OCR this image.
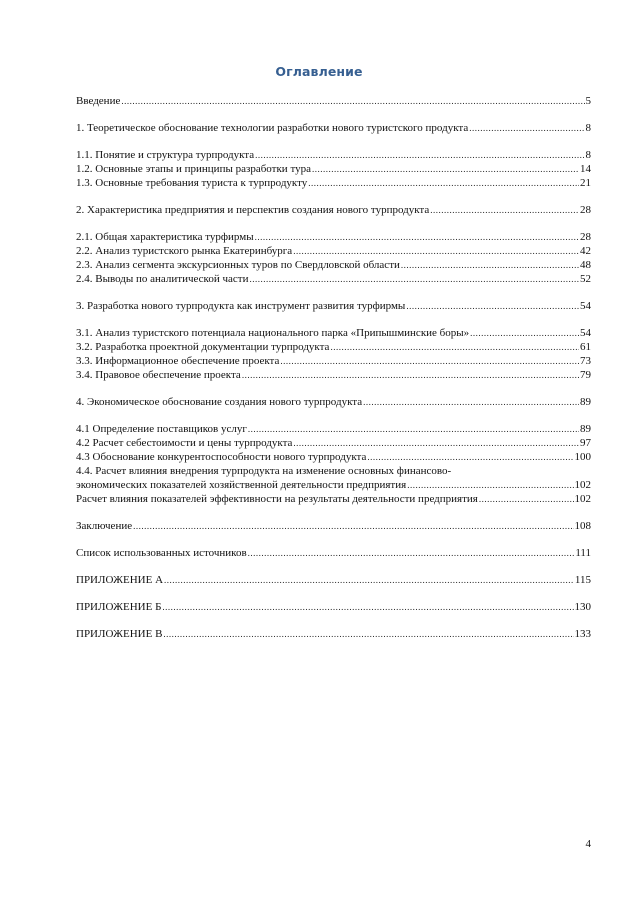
Оглавление
Введение .....	5
1. Теоретическое обоснование технологии разработки нового туристского продукта .....	8
1.1. Понятие и структура турпродукта .....	8
1.2. Основные этапы и принципы разработки тура .....	14
1.3. Основные требования туриста к турпродукту .....	21
2. Характеристика предприятия и перспектив создания нового турпродукта .....	28
2.1. Общая характеристика турфирмы .....	28
2.2. Анализ туристского рынка Екатеринбурга .....	42
2.3. Анализ сегмента экскурсионных туров по Свердловской области .....	48
2.4. Выводы по аналитической части .....	52
3. Разработка нового турпродукта как инструмент развития турфирмы .....	54
3.1. Анализ туристского потенциала национального парка «Припышминские боры» .....	54
3.2. Разработка проектной документации турпродукта .....	61
3.3. Информационное обеспечение проекта .....	73
3.4. Правовое обеспечение проекта .....	79
4. Экономическое обоснование создания нового турпродукта .....	89
4.1 Определение поставщиков услуг .....	89
4.2 Расчет себестоимости и цены турпродукта .....	97
4.3 Обоснование конкурентоспособности нового турпродукта .....	100
4.4. Расчет влияния внедрения турпродукта на изменение основных финансово-
экономических показателей хозяйственной деятельности предприятия .....	102
Расчет влияния показателей эффективности на результаты деятельности предприятия .....	102
Заключение .....	108
Список использованных источников .....	111
ПРИЛОЖЕНИЕ А .....	115
ПРИЛОЖЕНИЕ Б .....	130
ПРИЛОЖЕНИЕ В .....	133
4
